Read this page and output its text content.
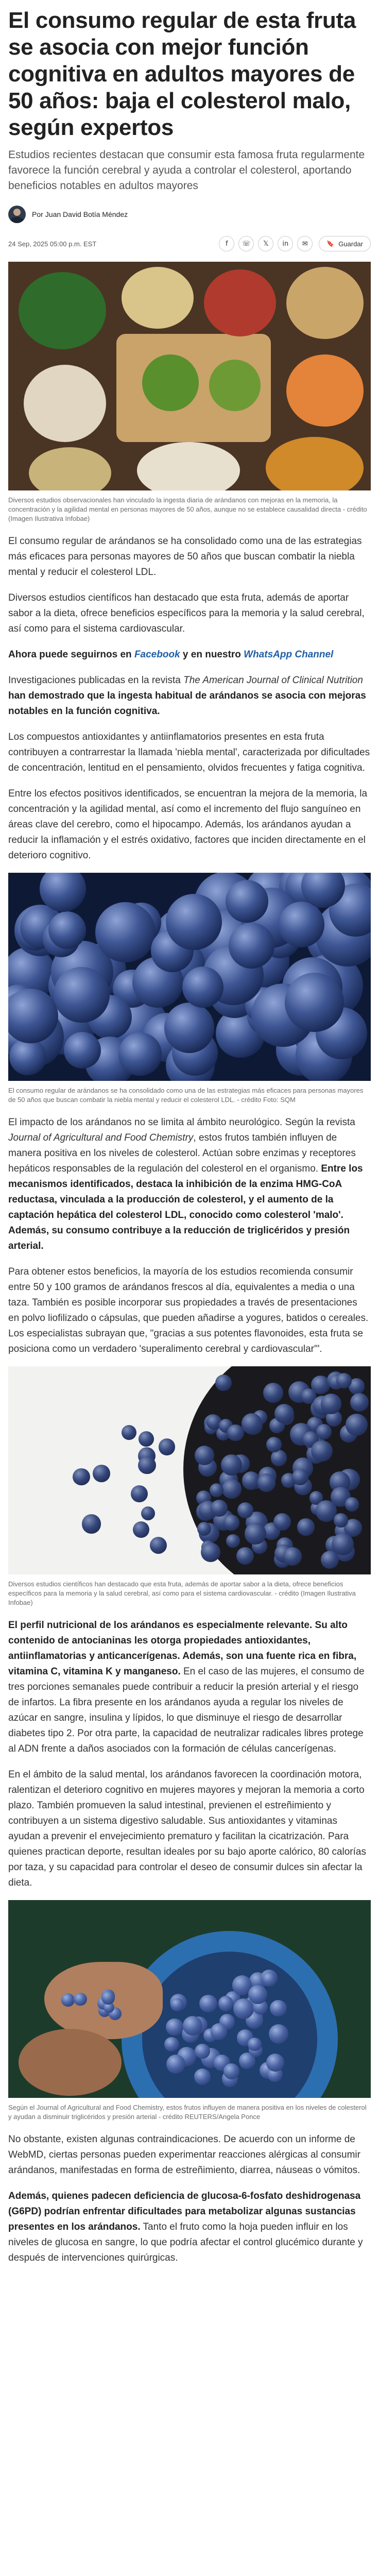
El consumo regular de esta fruta se asocia con mejor función cognitiva en adultos mayores de 50 años: baja el colesterol malo, según expertos

Estudios recientes destacan que consumir esta famosa fruta regularmente favorece la función cerebral y ayuda a controlar el colesterol, aportando beneficios notables en adultos mayores

Por Juan David Botía Méndez
24 Sep, 2025 05:00 p.m. EST	f ☏ 𝕏 in ✉	🔖 Guardar

Diversos estudios observacionales han vinculado la ingesta diaria de arándanos con mejoras en la memoria, la concentración y la agilidad mental en personas mayores de 50 años, aunque no se establece causalidad directa - crédito (Imagen Ilustrativa Infobae)

El consumo regular de arándanos se ha consolidado como una de las estrategias más eficaces para personas mayores de 50 años que buscan combatir la niebla mental y reducir el colesterol LDL.

Diversos estudios científicos han destacado que esta fruta, además de aportar sabor a la dieta, ofrece beneficios específicos para la memoria y la salud cerebral, así como para el sistema cardiovascular.

Ahora puede seguirnos en Facebook y en nuestro WhatsApp Channel

Investigaciones publicadas en la revista The American Journal of Clinical Nutrition han demostrado que la ingesta habitual de arándanos se asocia con mejoras notables en la función cognitiva.

Los compuestos antioxidantes y antiinflamatorios presentes en esta fruta contribuyen a contrarrestar la llamada 'niebla mental', caracterizada por dificultades de concentración, lentitud en el pensamiento, olvidos frecuentes y fatiga cognitiva.

Entre los efectos positivos identificados, se encuentran la mejora de la memoria, la concentración y la agilidad mental, así como el incremento del flujo sanguíneo en áreas clave del cerebro, como el hipocampo. Además, los arándanos ayudan a reducir la inflamación y el estrés oxidativo, factores que inciden directamente en el deterioro cognitivo.

El consumo regular de arándanos se ha consolidado como una de las estrategias más eficaces para personas mayores de 50 años que buscan combatir la niebla mental y reducir el colesterol LDL. - crédito Foto: SQM

El impacto de los arándanos no se limita al ámbito neurológico. Según la revista Journal of Agricultural and Food Chemistry, estos frutos también influyen de manera positiva en los niveles de colesterol. Actúan sobre enzimas y receptores hepáticos responsables de la regulación del colesterol en el organismo. Entre los mecanismos identificados, destaca la inhibición de la enzima HMG-CoA reductasa, vinculada a la producción de colesterol, y el aumento de la captación hepática del colesterol LDL, conocido como colesterol 'malo'. Además, su consumo contribuye a la reducción de triglicéridos y presión arterial.

Para obtener estos beneficios, la mayoría de los estudios recomienda consumir entre 50 y 100 gramos de arándanos frescos al día, equivalentes a media o una taza. También es posible incorporar sus propiedades a través de presentaciones en polvo liofilizado o cápsulas, que pueden añadirse a yogures, batidos o cereales. Los especialistas subrayan que, "gracias a sus potentes flavonoides, esta fruta se posiciona como un verdadero 'superalimento cerebral y cardiovascular'".

Diversos estudios científicos han destacado que esta fruta, además de aportar sabor a la dieta, ofrece beneficios específicos para la memoria y la salud cerebral, así como para el sistema cardiovascular. - crédito (Imagen Ilustrativa Infobae)

El perfil nutricional de los arándanos es especialmente relevante. Su alto contenido de antocianinas les otorga propiedades antioxidantes, antiinflamatorias y anticancerígenas. Además, son una fuente rica en fibra, vitamina C, vitamina K y manganeso. En el caso de las mujeres, el consumo de tres porciones semanales puede contribuir a reducir la presión arterial y el riesgo de infartos. La fibra presente en los arándanos ayuda a regular los niveles de azúcar en sangre, insulina y lípidos, lo que disminuye el riesgo de desarrollar diabetes tipo 2. Por otra parte, la capacidad de neutralizar radicales libres protege al ADN frente a daños asociados con la formación de células cancerígenas.

En el ámbito de la salud mental, los arándanos favorecen la coordinación motora, ralentizan el deterioro cognitivo en mujeres mayores y mejoran la memoria a corto plazo. También promueven la salud intestinal, previenen el estreñimiento y contribuyen a un sistema digestivo saludable. Sus antioxidantes y vitaminas ayudan a prevenir el envejecimiento prematuro y facilitan la cicatrización. Para quienes practican deporte, resultan ideales por su bajo aporte calórico, 80 calorías por taza, y su capacidad para controlar el deseo de consumir dulces sin afectar la dieta.

Según el Journal of Agricultural and Food Chemistry, estos frutos influyen de manera positiva en los niveles de colesterol y ayudan a disminuir triglicéridos y presión arterial - crédito REUTERS/Angela Ponce

No obstante, existen algunas contraindicaciones. De acuerdo con un informe de WebMD, ciertas personas pueden experimentar reacciones alérgicas al consumir arándanos, manifestadas en forma de estreñimiento, diarrea, náuseas o vómitos.

Además, quienes padecen deficiencia de glucosa-6-fosfato deshidrogenasa (G6PD) podrían enfrentar dificultades para metabolizar algunas sustancias presentes en los arándanos. Tanto el fruto como la hoja pueden influir en los niveles de glucosa en sangre, lo que podría afectar el control glucémico durante y después de intervenciones quirúrgicas.
